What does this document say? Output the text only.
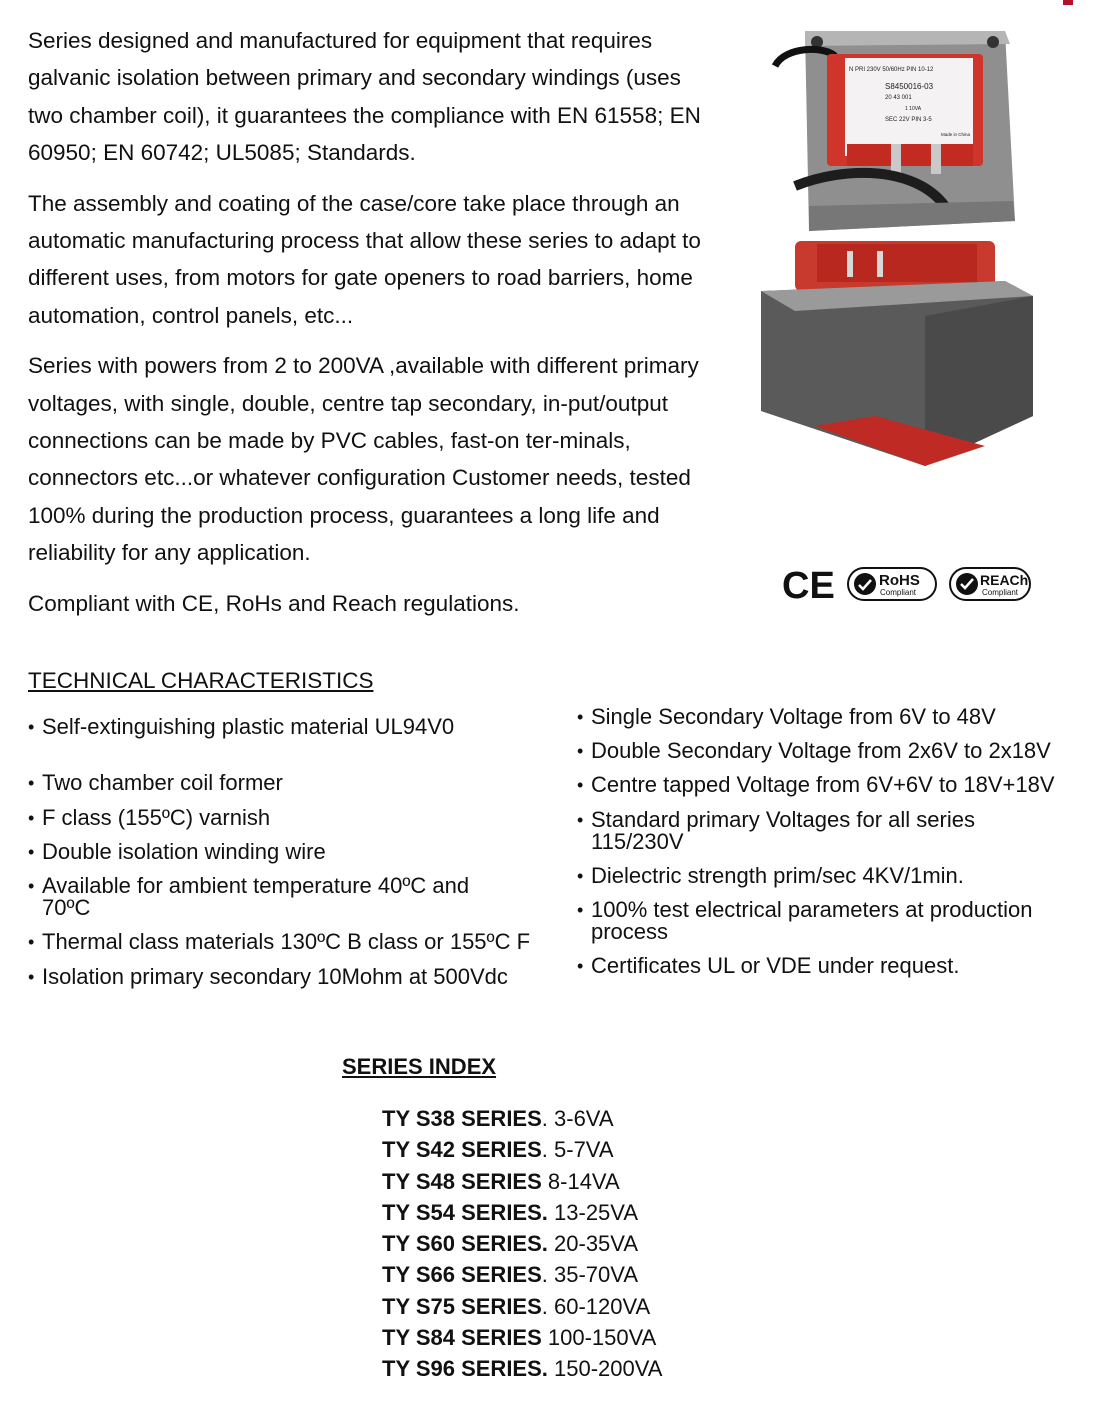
Series designed and manufactured for equipment that requires galvanic isolation between primary and secondary windings (uses two chamber coil), it guarantees the compliance with EN 61558; EN 60950; EN 60742; UL5085; Standards.

The assembly and coating of the case/core take place through an automatic manufacturing process that allow these series to adapt to different uses, from motors for gate openers to road barriers, home automation, control panels, etc...

Series with powers from 2 to 200VA ,available with different primary voltages, with single, double, centre tap secondary, in-put/output connections can be made by PVC cables, fast-on ter-minals, connectors etc...or whatever configuration Customer needs, tested 100% during the production process, guarantees a long life and reliability for any application.

Compliant with CE, RoHs and Reach regulations.

N PRI 230V 50/60Hz PIN 10-12
S8450016-03
20 43 001
1 10VA
SEC 22V PIN 3-5
Made in China
CE	RoHS
Compliant
REACh
Compliant
TECHNICAL CHARACTERISTICS
• Self-extinguishing plastic material UL94V0
• Two chamber coil former
• F class (155ºC) varnish
• Double isolation winding wire
• Available for ambient temperature 40ºC and 70ºC
• Thermal class materials 130ºC B class or 155ºC F
• Isolation primary secondary 10Mohm at 500Vdc
• Single Secondary Voltage from 6V to 48V
• Double Secondary Voltage from 2x6V to 2x18V
• Centre tapped Voltage from 6V+6V to 18V+18V
• Standard primary Voltages for all series 115/230V
• Dielectric strength prim/sec 4KV/1min.
• 100% test electrical parameters at production process
• Certificates UL or VDE under request.
SERIES INDEX
TY S38 SERIES. 3-6VA
TY S42 SERIES. 5-7VA
TY S48 SERIES 8-14VA
TY S54 SERIES. 13-25VA
TY S60 SERIES. 20-35VA
TY S66 SERIES. 35-70VA
TY S75 SERIES. 60-120VA
TY S84 SERIES 100-150VA
TY S96 SERIES. 150-200VA
